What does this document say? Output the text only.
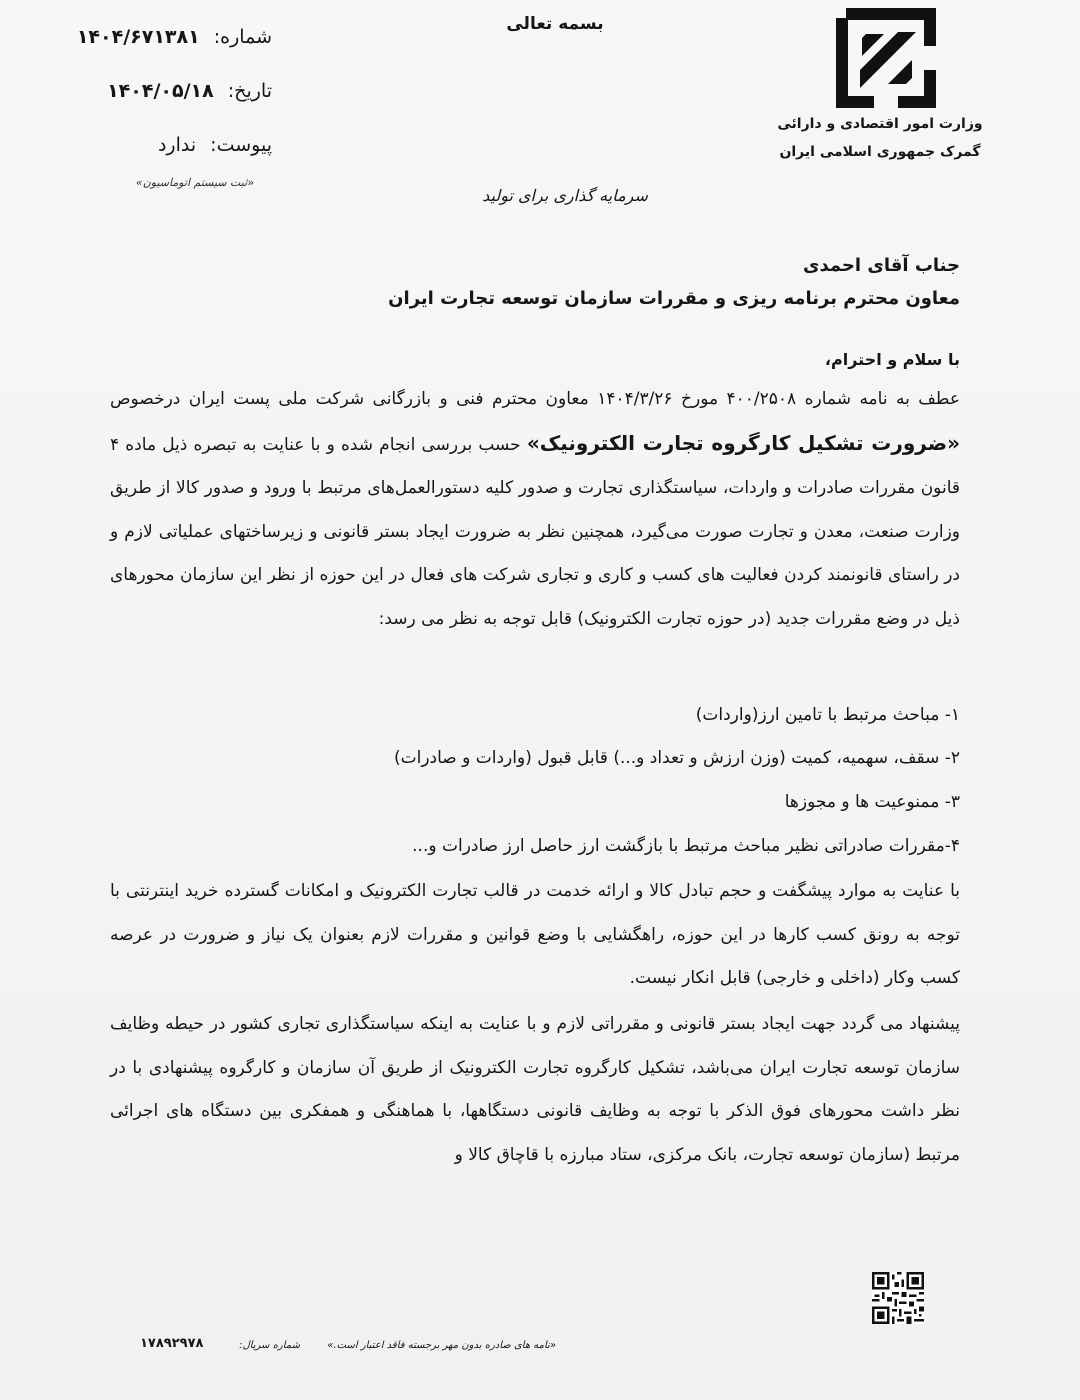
وزارت امور اقتصادی و دارائی
گمرک جمهوری اسلامی ایران
بسمه تعالی
شماره: ۱۴۰۴/۶۷۱۳۸۱
تاریخ: ۱۴۰۴/۰۵/۱۸
پیوست: ندارد
«ثبت سیستم اتوماسیون»
سرمایه گذاری برای تولید
جناب آقای احمدی
معاون محترم برنامه ریزی و مقررات سازمان توسعه تجارت ایران
با سلام و احترام،

عطف به نامه شماره ۴۰۰/۲۵۰۸ مورخ ۱۴۰۴/۳/۲۶ معاون محترم فنی و بازرگانی شرکت ملی پست ایران درخصوص «ضرورت تشکیل کارگروه تجارت الکترونیک» حسب بررسی انجام شده و با عنایت به تبصره ذیل ماده ۴ قانون مقررات صادرات و واردات، سیاستگذاری تجارت و صدور کلیه دستورالعمل‌های مرتبط با ورود و صدور کالا از طریق وزارت صنعت، معدن و تجارت صورت می‌گیرد، همچنین نظر به ضرورت ایجاد بستر قانونی و زیرساختهای عملیاتی لازم و در راستای قانونمند کردن فعالیت های کسب و کاری و تجاری شرکت های فعال در این حوزه از نظر این سازمان محورهای ذیل در وضع مقررات جدید (در حوزه تجارت الکترونیک) قابل توجه به نظر می رسد:

۱- مباحث مرتبط با تامین ارز(واردات)
۲- سقف، سهمیه، کمیت (وزن ارزش و تعداد و...) قابل قبول (واردات و صادرات)
۳- ممنوعیت ها و مجوزها
۴-مقررات صادراتی نظیر مباحث مرتبط با بازگشت ارز حاصل ارز صادرات و...

با عنایت به موارد پیشگفت و حجم تبادل کالا و ارائه خدمت در قالب تجارت الکترونیک و امکانات گسترده خرید اینترنتی با توجه به رونق کسب کارها در این حوزه، راهگشایی با وضع قوانین و مقررات لازم بعنوان یک نیاز و ضرورت در عرصه کسب وکار (داخلی و خارجی) قابل انکار نیست.

پیشنهاد می گردد جهت ایجاد بستر قانونی و مقرراتی لازم و با عنایت به اینکه سیاستگذاری تجاری کشور در حیطه وظایف سازمان توسعه تجارت ایران می‌باشد، تشکیل کارگروه تجارت الکترونیک از طریق آن سازمان و کارگروه پیشنهادی با در نظر داشت محورهای فوق الذکر با توجه به وظایف قانونی دستگاهها، با هماهنگی و همفکری بین دستگاه های اجرائی مرتبط (سازمان توسعه تجارت، بانک مرکزی، ستاد مبارزه با قاچاق کالا و

«نامه های صادره بدون مهر برجسته فاقد اعتبار است.»
شماره سریال:
۱۷۸۹۲۹۷۸
